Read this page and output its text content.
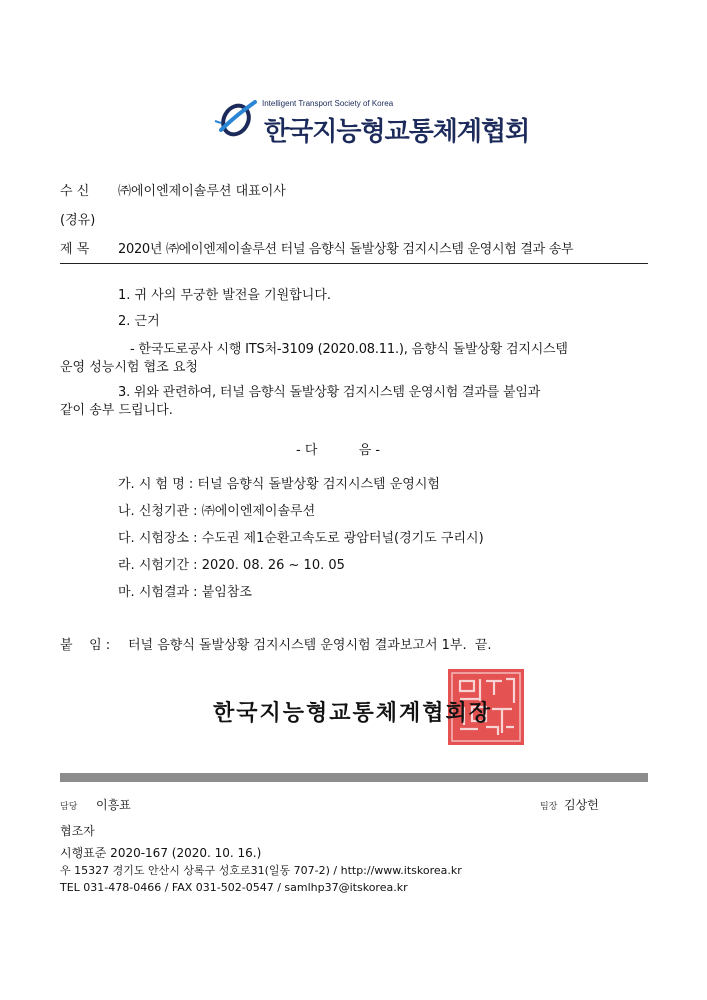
Intelligent Transport Society of Korea
한국지능형교통체계협회
수 신 ㈜에이엔제이솔루션 대표이사
(경유)
제 목 2020년 ㈜에이엔제이솔루션 터널 음향식 돌발상황 검지시스템 운영시험 결과 송부
1. 귀 사의 무궁한 발전을 기원합니다.
2. 근거
- 한국도로공사 시행 ITS처-3109 (2020.08.11.), 음향식 돌발상황 검지시스템
운영 성능시험 협조 요청
3. 위와 관련하여, 터널 음향식 돌발상황 검지시스템 운영시험 결과를 붙임과
같이 송부 드립니다.
- 다          음 -
가. 시 험 명 : 터널 음향식 돌발상황 검지시스템 운영시험
나. 신청기관 : ㈜에이엔제이솔루션
다. 시험장소 : 수도권 제1순환고속도로 광암터널(경기도 구리시)
라. 시험기간 : 2020. 08. 26 ~ 10. 05
마. 시험결과 : 붙임참조
붙    임 : 터널 음향식 돌발상황 검지시스템 운영시험 결과보고서 1부.  끝.
한국지능형교통체계협회장
담당 이흥표	팀장 김상헌
협조자
시행표준 2020-167 (2020. 10. 16.)
우 15327 경기도 안산시 상록구 성호로31(일동 707-2) / http://www.itskorea.kr
TEL 031-478-0466 / FAX 031-502-0547 / samlhp37@itskorea.kr
